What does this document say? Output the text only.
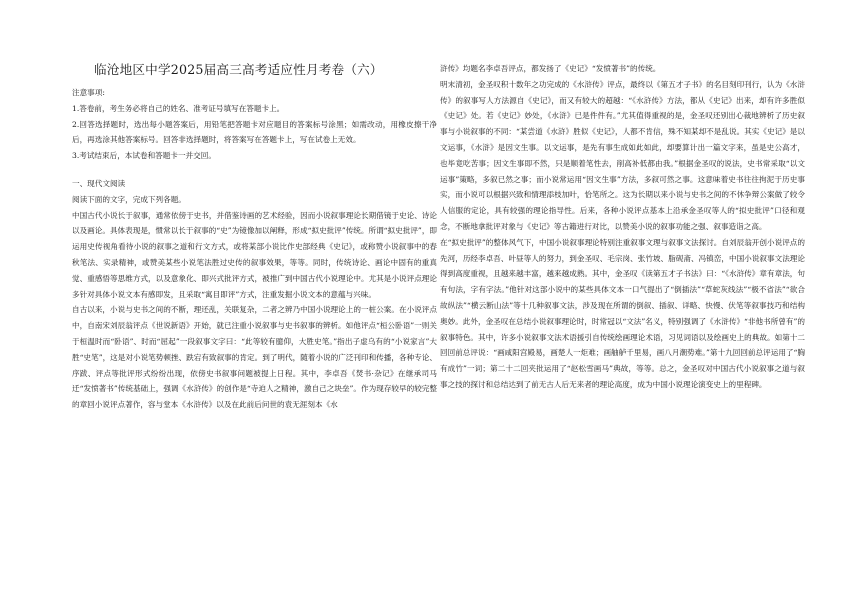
临沧地区中学2025届高三高考适应性月考卷（六）

注意事项:

1.答卷前，考生务必将自己的姓名、准考证号填写在答题卡上。

2.回答选择题时，选出每小题答案后，用铅笔把答题卡对应题目的答案标号涂黑；如需改动，用橡皮擦干净后，再选涂其他答案标号。回答非选择题时，将答案写在答题卡上，写在试卷上无效。

3.考试结束后，本试卷和答题卡一并交回。

一、现代文阅读

阅读下面的文字，完成下列各题。

中国古代小说长于叙事，通常依傍于史书，并借鉴诗画的艺术经验，因而小说叙事理论长期借镜于史论、诗论以及画论。具体表现是，惯常以长于叙事的“史”为镜像加以阐释，形成“拟史批评”传统。所谓“拟史批评”，即运用史传视角看待小说的叙事之道和行文方式，或将某部小说比作史部经典《史记》，或称赞小说叙事中的春秋笔法、实录精神，或赞美某些小说笔法胜过史传的叙事效果，等等。同时，传统诗论、画论中固有的重真觉、重感悟等思维方式，以及意象化、即兴式批评方式，被推广到中国古代小说理论中。尤其是小说评点理论多针对具体小说文本有感即发，且采取“寓目即评”方式，注重发掘小说文本的意蕴与兴味。

自古以来，小说与史书之间的不断，理还乱，关联复杂，二者之辨乃中国小说理论上的一桩公案。在小说评点中，自南宋刘辰翁评点《世说新语》开始，就已注重小说叙事与史书叙事的辨析。如他评点“桓公卧语”一则关于桓温时而“卧语”、时而“屈起”一段叙事文字曰：“此等较有臆仰，大胜史笔。”指出子虚乌有的“小说家言”大胜“史笔”，这是对小说笔势顿挫、跌宕有致叙事的肯定。到了明代，随着小说的广泛刊印和传播，各种专论、序跋、评点等批评形式纷纷出现，依傍史书叙事问题被提上日程。其中，李卓吾《焚书·杂记》在继承司马迁“发愤著书”传统基础上，强调《水浒传》的创作是“寺迫人之精神，激自己之块垒”。作为现存较早的较完整的章回小说评点著作，容与堂本《水浒传》以及在此前后问世的袁无涯刻本《水

浒传》均题名李卓吾评点，都发扬了《史记》“发愤著书”的传统。

明末清初，金圣叹积十数年之功完成的《水浒传》评点，最终以《第五才子书》的名目刻印刊行，认为《水浒传》的叙事写人方法源自《史记》，而又有较大的超越：“《水浒传》方法，都从《史记》出来，却有许多胜似《史记》处。若《史记》妙处，《水浒》已是件件有。”尤其值得重视的是，金圣叹还别出心裁地辨析了历史叙事与小说叙事的不同：“某尝道《水浒》胜似《史记》，人都不肯信，殊不知某却不是乱说。其实《史记》是以文运事，《水浒》是因文生事。以文运事，是先有事生成如此如此，却要算计出一篇文字来，虽是史公高才，也毕竟吃苦事；因文生事即不然，只是顺着笔性去，削高补低都由我。”根据金圣叹的说法，史书常采取“以文运事”策略，多叙已然之事；而小说常运用“因文生事”方法，多叙可然之事。这意味着史书往往拘泥于历史事实，而小说可以根据兴致和情理添枝加叶，恰笔所之。这为长期以来小说与史书之间的不休争辩公案做了较令人信服的定论，具有较强的理论指导性。后来，各种小说评点基本上沿承金圣叹等人的“拟史批评”口径和观念，不断地拿批评对象与《史记》等古籍进行对比，以赞美小说的叙事功能之强、叙事造诣之高。

在“拟史批评”的整体风气下，中国小说叙事理论特别注重叙事文理与叙事文法探讨。自刘辰翁开创小说评点的先河，历经李卓吾、叶昼等人的努力，到金圣叹、毛宗岗、张竹坡、脂砚斋、冯镇峦，中国小说叙事文法理论得到高度重视，且越来越丰富，越来越成熟。其中，金圣叹《读第五才子书法》曰：“《水浒传》章有章法，句有句法，字有字法。”他针对这部小说中的某些具体文本一口气提出了“倒插法”“草蛇灰线法”“极不省法”“欲合故纵法”“横云断山法”等十几种叙事文法，涉及现在所谓的倒叙、插叙、详略、快慢、伏笔等叙事技巧和结构奥妙。此外，金圣叹在总结小说叙事理论时，时常冠以“文法”名义，特别强调了《水浒传》“非他书所曾有”的叙事特色。其中，许多小说叙事文法术语援引自传统绘画理论术语，习见词语以及绘画史上的典故。如第十二回回前总评说：“画咸阳宫殿易，画楚人一炬难；画舳舻千里易，画八月潮势难。”第十九回回前总评运用了“胸有成竹”一词；第二十二回夹批运用了“赵松雪画马”典故，等等。总之，金圣叹对中国古代小说叙事之道与叙事之技的探讨和总结达到了前无古人后无来者的理论高度，成为中国小说理论演变史上的里程碑。
